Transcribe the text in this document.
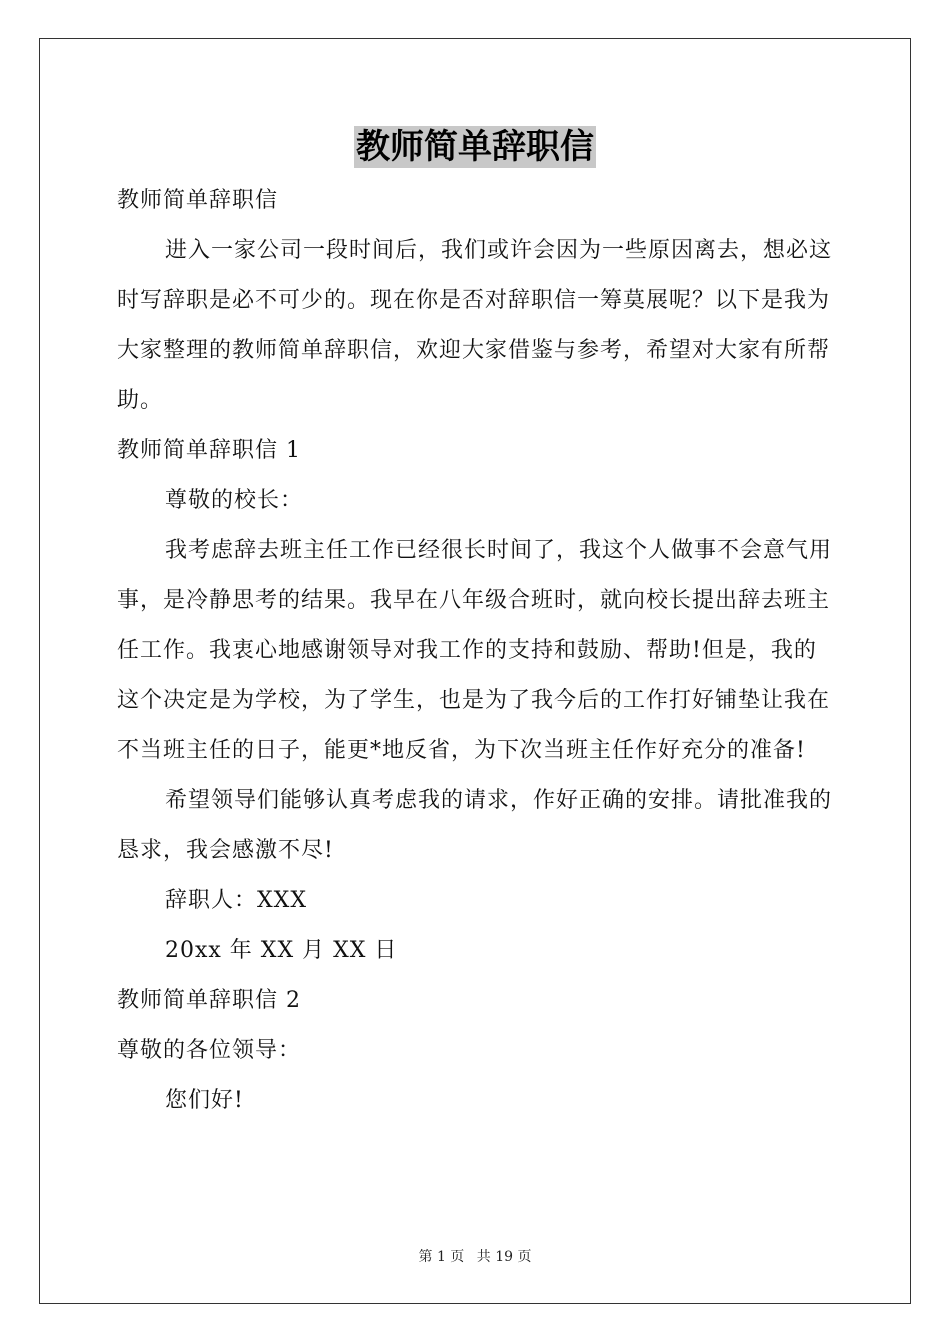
教师简单辞职信

教师简单辞职信

进入一家公司一段时间后，我们或许会因为一些原因离去，想必这时写辞职是必不可少的。现在你是否对辞职信一筹莫展呢？以下是我为大家整理的教师简单辞职信，欢迎大家借鉴与参考，希望对大家有所帮助。

教师简单辞职信 1

尊敬的校长：

我考虑辞去班主任工作已经很长时间了，我这个人做事不会意气用事，是冷静思考的结果。我早在八年级合班时，就向校长提出辞去班主任工作。我衷心地感谢领导对我工作的支持和鼓励、帮助!但是，我的这个决定是为学校，为了学生，也是为了我今后的工作打好铺垫让我在不当班主任的日子，能更*地反省，为下次当班主任作好充分的准备!

希望领导们能够认真考虑我的请求，作好正确的安排。请批准我的恳求，我会感激不尽!

辞职人：XXX

20xx 年 XX 月 XX 日

教师简单辞职信 2

尊敬的各位领导：

您们好!

第 1 页 共 19 页
